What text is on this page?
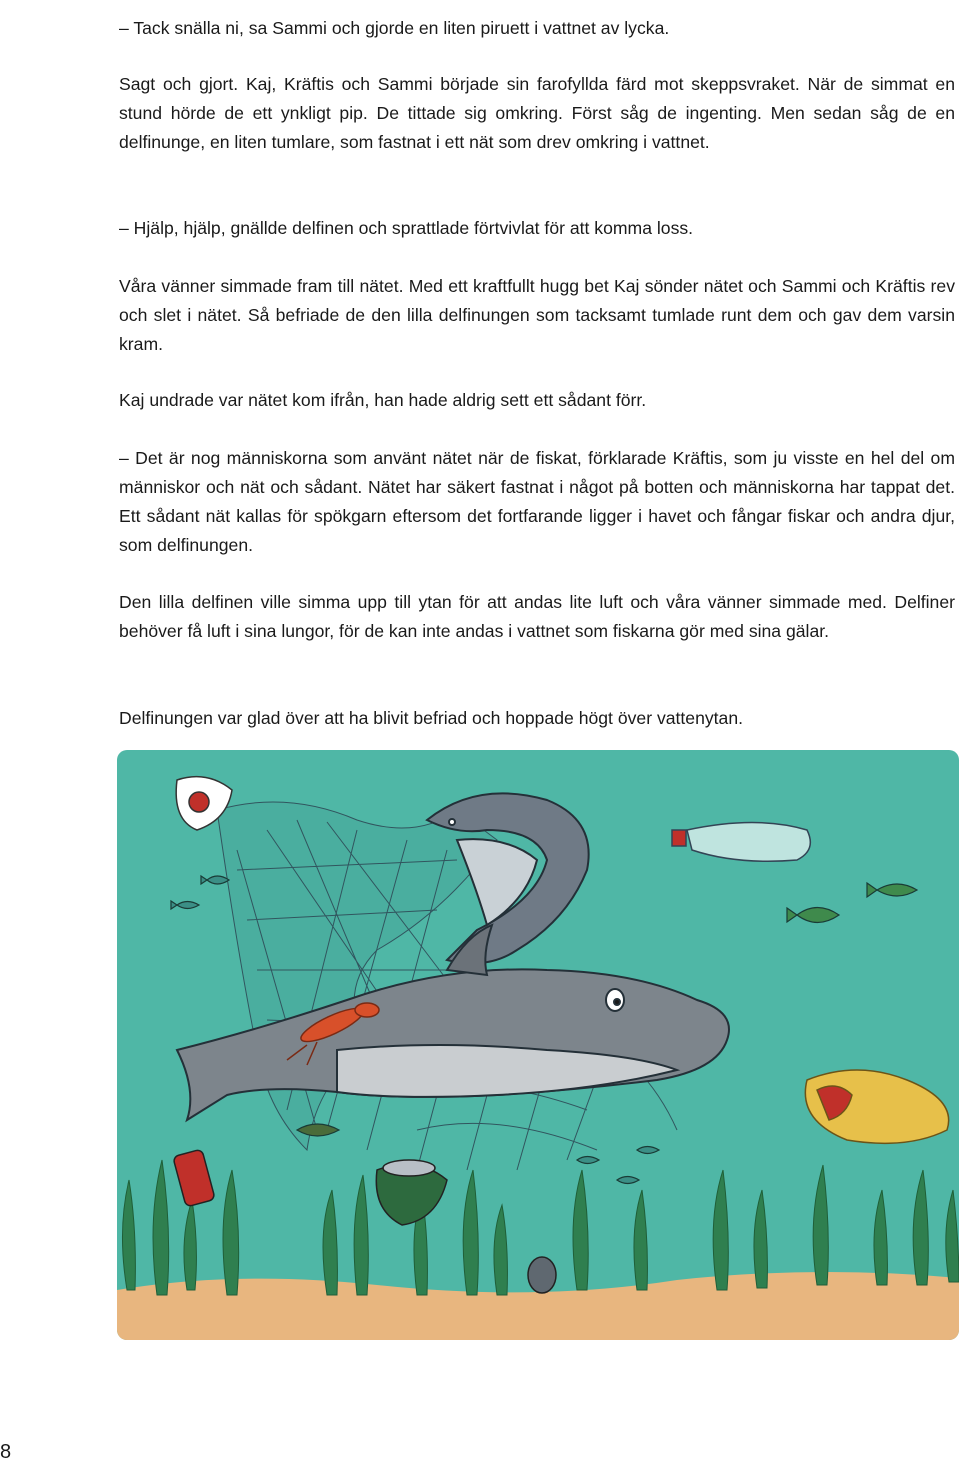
– Tack snälla ni, sa Sammi och gjorde en liten piruett i vattnet av lycka.

Sagt och gjort. Kaj, Kräftis och Sammi började sin farofyllda färd mot skeppsvraket. När de simmat en stund hörde de ett ynkligt pip. De tittade sig omkring. Först såg de ingenting. Men sedan såg de en delfinunge, en liten tumlare, som fastnat i ett nät som drev omkring i vattnet.

– Hjälp, hjälp, gnällde delfinen och sprattlade förtvivlat för att komma loss.

Våra vänner simmade fram till nätet. Med ett kraftfullt hugg bet Kaj sönder nätet och Sammi och Kräftis rev och slet i nätet. Så befriade de den lilla delfinungen som tacksamt tumlade runt dem och gav dem varsin kram.

Kaj undrade var nätet kom ifrån, han hade aldrig sett ett sådant förr.

– Det är nog människorna som använt nätet när de fiskat, förklarade Kräftis, som ju visste en hel del om människor och nät och sådant. Nätet har säkert fastnat i något på botten och människorna har tappat det. Ett sådant nät kallas för spökgarn eftersom det fortfarande ligger i havet och fångar fiskar och andra djur, som delfinungen.

Den lilla delfinen ville simma upp till ytan för att andas lite luft och våra vänner simmade med. Delfiner behöver få luft i sina lungor, för de kan inte andas i vattnet som fiskarna gör med sina gälar.

Delfinungen var glad över att ha blivit befriad och hoppade högt över vattenytan.

8
